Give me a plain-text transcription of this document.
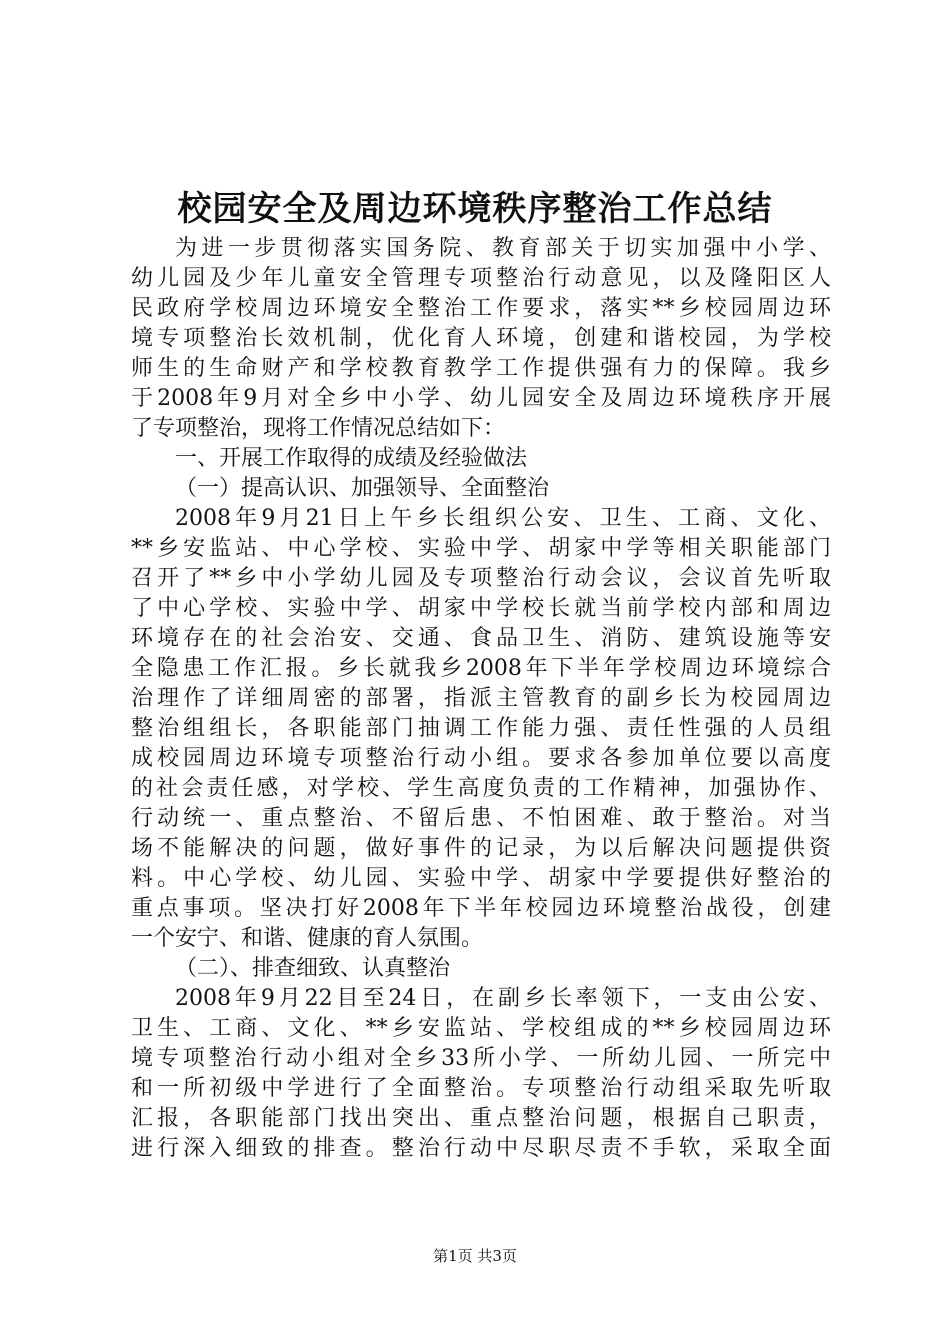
校园安全及周边环境秩序整治工作总结
为进一步贯彻落实国务院、教育部关于切实加强中小学、
幼儿园及少年儿童安全管理专项整治行动意见，以及隆阳区人
民政府学校周边环境安全整治工作要求，落实**乡校园周边环
境专项整治长效机制，优化育人环境，创建和谐校园，为学校
师生的生命财产和学校教育教学工作提供强有力的保障。我乡
于2008年9月对全乡中小学、幼儿园安全及周边环境秩序开展
了专项整治，现将工作情况总结如下：
一、开展工作取得的成绩及经验做法
（一）提高认识、加强领导、全面整治
2008年9月21日上午乡长组织公安、卫生、工商、文化、
**乡安监站、中心学校、实验中学、胡家中学等相关职能部门
召开了**乡中小学幼儿园及专项整治行动会议，会议首先听取
了中心学校、实验中学、胡家中学校长就当前学校内部和周边
环境存在的社会治安、交通、食品卫生、消防、建筑设施等安
全隐患工作汇报。乡长就我乡2008年下半年学校周边环境综合
治理作了详细周密的部署，指派主管教育的副乡长为校园周边
整治组组长，各职能部门抽调工作能力强、责任性强的人员组
成校园周边环境专项整治行动小组。要求各参加单位要以高度
的社会责任感，对学校、学生高度负责的工作精神，加强协作、
行动统一、重点整治、不留后患、不怕困难、敢于整治。对当
场不能解决的问题，做好事件的记录，为以后解决问题提供资
料。中心学校、幼儿园、实验中学、胡家中学要提供好整治的
重点事项。坚决打好2008年下半年校园边环境整治战役，创建
一个安宁、和谐、健康的育人氛围。
（二）、排查细致、认真整治
2008年9月22目至24日，在副乡长率领下，一支由公安、
卫生、工商、文化、**乡安监站、学校组成的**乡校园周边环
境专项整治行动小组对全乡33所小学、一所幼儿园、一所完中
和一所初级中学进行了全面整治。专项整治行动组采取先听取
汇报，各职能部门找出突出、重点整治问题，根据自己职责，
进行深入细致的排查。整治行动中尽职尽责不手软，采取全面
第1页 共3页
